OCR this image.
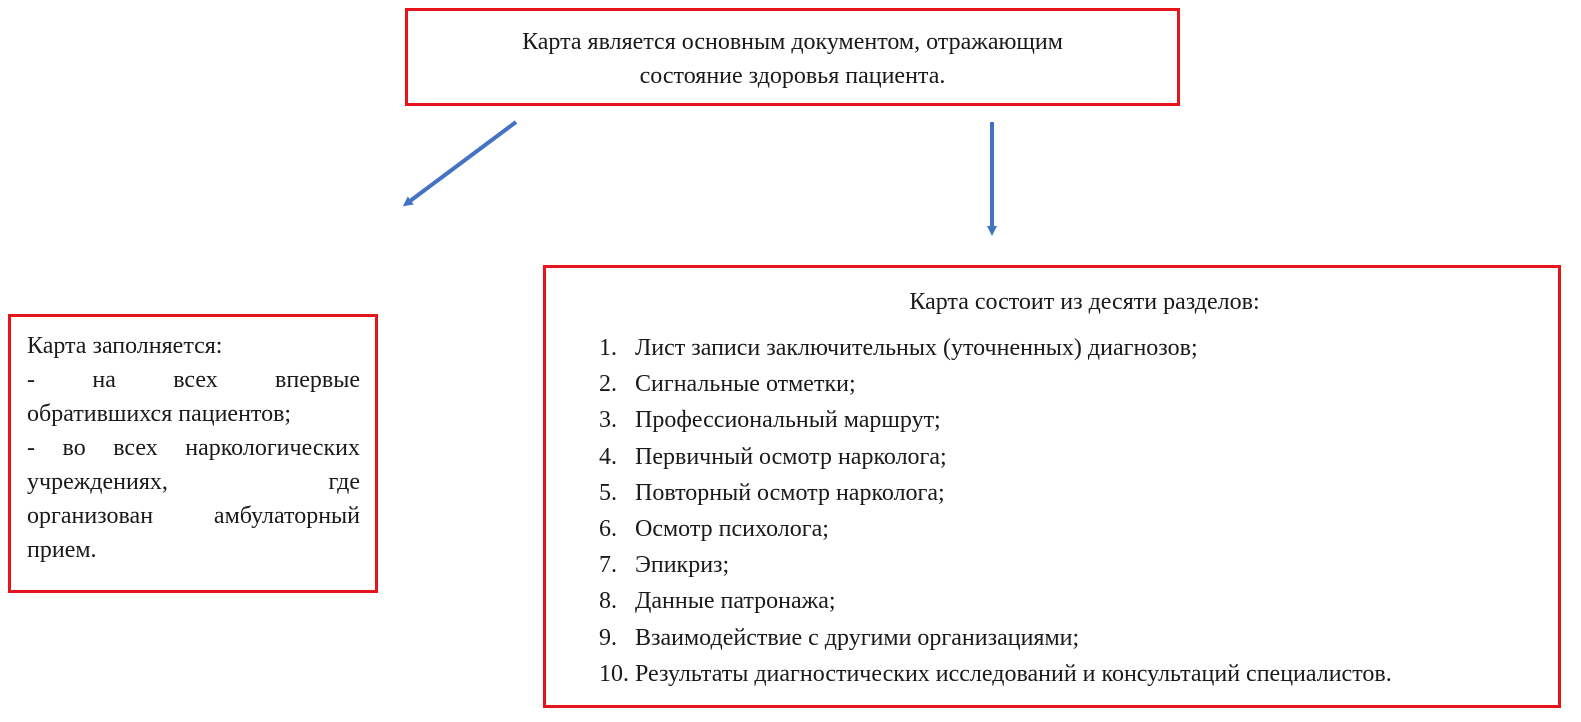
Карта является основным документом, отражающим
состояние здоровья пациента.
Карта заполняется:
- на всех впервые
обратившихся пациентов;
- во всех наркологических
учреждениях, где
организован амбулаторный
прием.
Карта состоит из десяти разделов:
1. Лист записи заключительных (уточненных) диагнозов;
2. Сигнальные отметки;
3. Профессиональный маршрут;
4. Первичный осмотр нарколога;
5. Повторный осмотр нарколога;
6. Осмотр психолога;
7. Эпикриз;
8. Данные патронажа;
9. Взаимодействие с другими организациями;
10. Результаты диагностических исследований и консультаций специалистов.
